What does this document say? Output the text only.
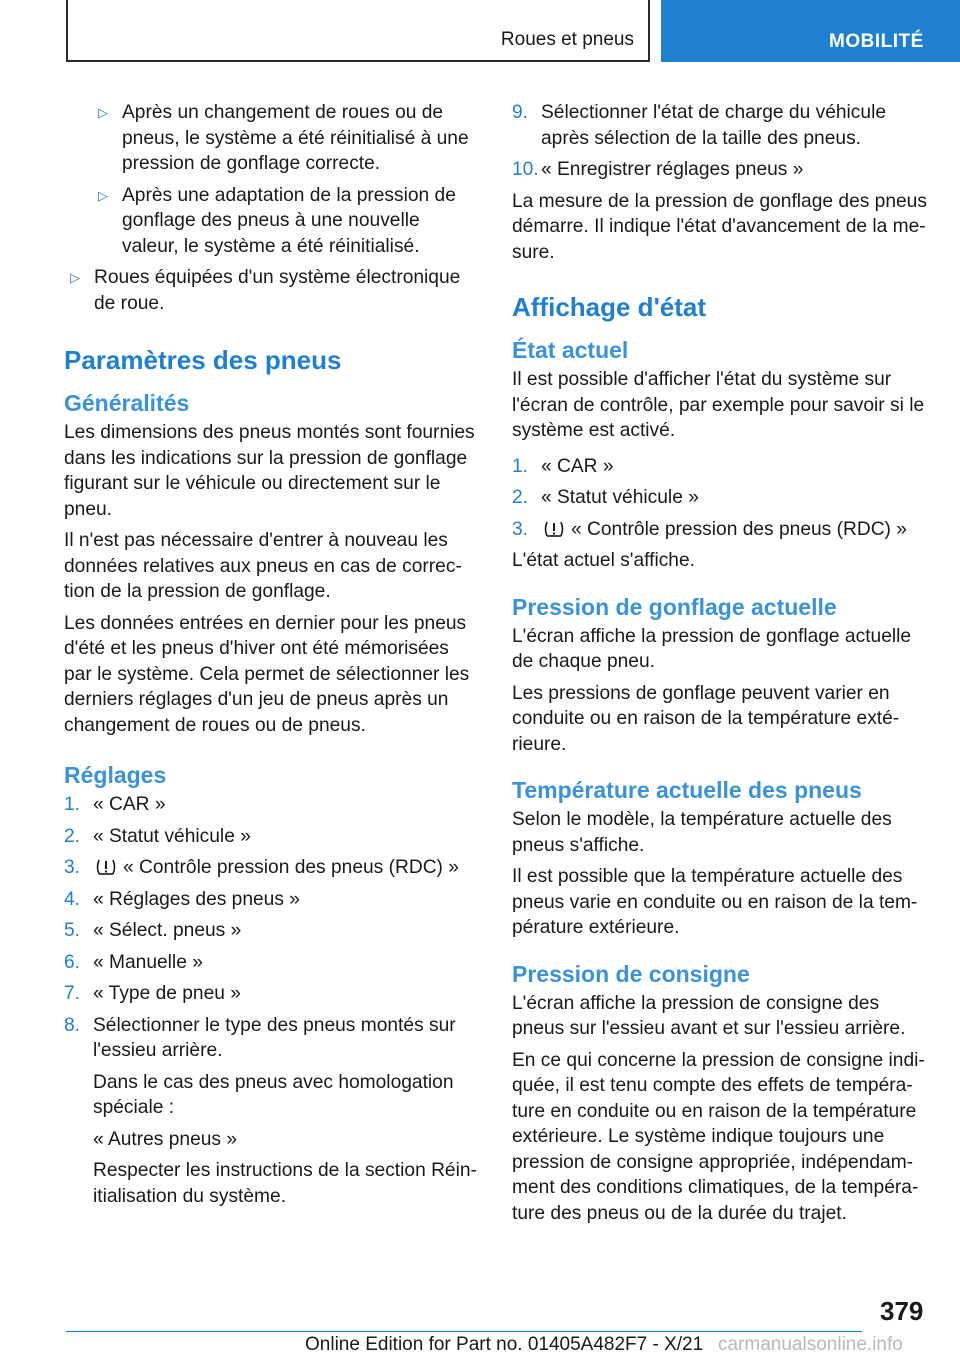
Roues et pneus	MOBILITÉ
▷ Après un changement de roues ou de pneus, le système a été réinitialisé à une pression de gonflage correcte.
▷ Après une adaptation de la pression de gonflage des pneus à une nouvelle valeur, le système a été réinitialisé.
▷ Roues équipées d'un système électronique de roue.
Paramètres des pneus
Généralités

Les dimensions des pneus montés sont fournies dans les indications sur la pression de gonflage figurant sur le véhicule ou directement sur le pneu.

Il n'est pas nécessaire d'entrer à nouveau les données relatives aux pneus en cas de correc-tion de la pression de gonflage.

Les données entrées en dernier pour les pneus d'été et les pneus d'hiver ont été mémorisées par le système. Cela permet de sélectionner les derniers réglages d'un jeu de pneus après un changement de roues ou de pneus.

Réglages
1. « CAR »
2. « Statut véhicule »
3. « Contrôle pression des pneus (RDC) »
4. « Réglages des pneus »
5. « Sélect. pneus »
6. « Manuelle »
7. « Type de pneu »
8. Sélectionner le type des pneus montés sur l'essieu arrière.
Dans le cas des pneus avec homologation spéciale :
« Autres pneus »
Respecter les instructions de la section Réin-itialisation du système.
9. Sélectionner l'état de charge du véhicule après sélection de la taille des pneus.
10. « Enregistrer réglages pneus »

La mesure de la pression de gonflage des pneus démarre. Il indique l'état d'avancement de la me-sure.

Affichage d'état
État actuel

Il est possible d'afficher l'état du système sur l'écran de contrôle, par exemple pour savoir si le système est activé.

1. « CAR »
2. « Statut véhicule »
3. « Contrôle pression des pneus (RDC) »

L'état actuel s'affiche.

Pression de gonflage actuelle

L'écran affiche la pression de gonflage actuelle de chaque pneu.

Les pressions de gonflage peuvent varier en conduite ou en raison de la température exté-rieure.

Température actuelle des pneus

Selon le modèle, la température actuelle des pneus s'affiche.

Il est possible que la température actuelle des pneus varie en conduite ou en raison de la tem-pérature extérieure.

Pression de consigne

L'écran affiche la pression de consigne des pneus sur l'essieu avant et sur l'essieu arrière.

En ce qui concerne la pression de consigne indi-quée, il est tenu compte des effets de tempéra-ture en conduite ou en raison de la température extérieure. Le système indique toujours une pression de consigne appropriée, indépendam-ment des conditions climatiques, de la tempéra-ture des pneus ou de la durée du trajet.

379
Online Edition for Part no. 01405A482F7 - X/21 carmanualsonline.info
